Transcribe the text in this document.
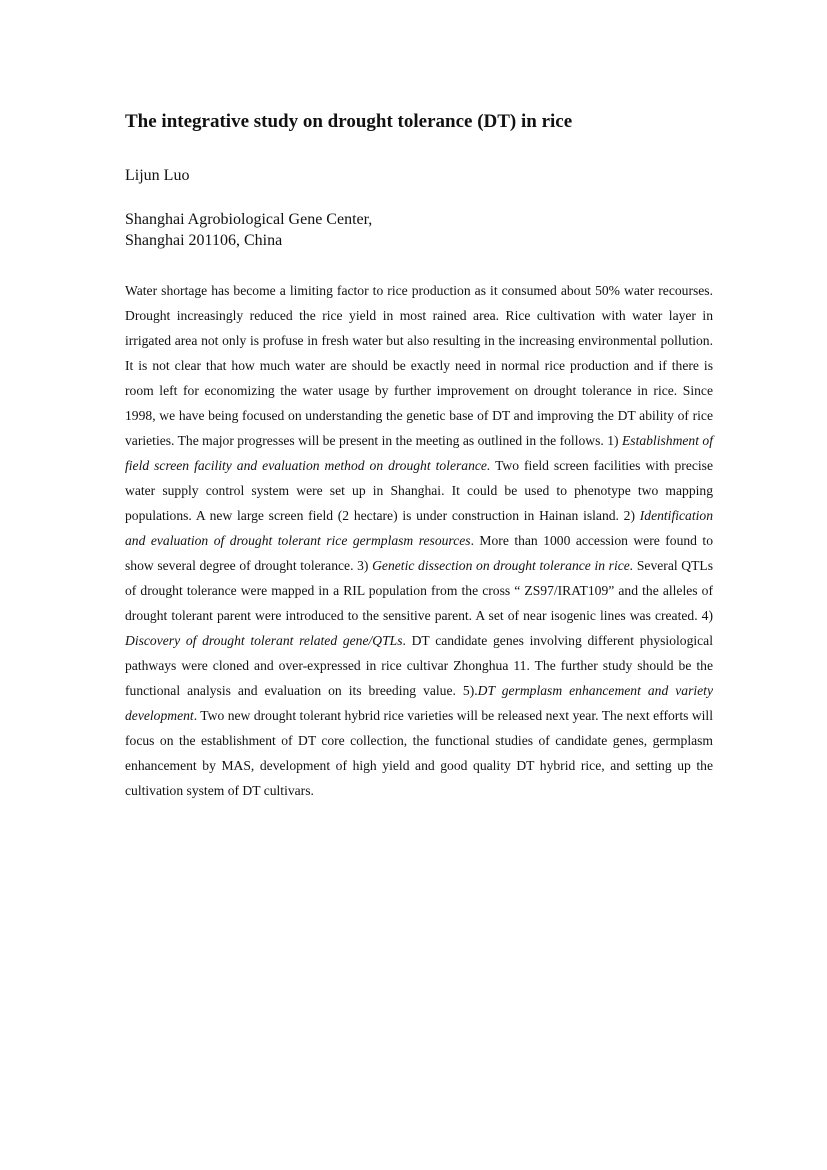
The integrative study on drought tolerance (DT) in rice
Lijun Luo
Shanghai Agrobiological Gene Center,
Shanghai 201106, China

Water shortage has become a limiting factor to rice production as it consumed about 50% water recourses. Drought increasingly reduced the rice yield in most rained area. Rice cultivation with water layer in irrigated area not only is profuse in fresh water but also resulting in the increasing environmental pollution. It is not clear that how much water are should be exactly need in normal rice production and if there is room left for economizing the water usage by further improvement on drought tolerance in rice. Since 1998, we have being focused on understanding the genetic base of DT and improving the DT ability of rice varieties. The major progresses will be present in the meeting as outlined in the follows. 1) Establishment of field screen facility and evaluation method on drought tolerance. Two field screen facilities with precise water supply control system were set up in Shanghai. It could be used to phenotype two mapping populations. A new large screen field (2 hectare) is under construction in Hainan island. 2) Identification and evaluation of drought tolerant rice germplasm resources. More than 1000 accession were found to show several degree of drought tolerance. 3) Genetic dissection on drought tolerance in rice. Several QTLs of drought tolerance were mapped in a RIL population from the cross “ ZS97/IRAT109” and the alleles of drought tolerant parent were introduced to the sensitive parent. A set of near isogenic lines was created. 4) Discovery of drought tolerant related gene/QTLs. DT candidate genes involving different physiological pathways were cloned and over-expressed in rice cultivar Zhonghua 11. The further study should be the functional analysis and evaluation on its breeding value. 5).DT germplasm enhancement and variety development. Two new drought tolerant hybrid rice varieties will be released next year. The next efforts will focus on the establishment of DT core collection, the functional studies of candidate genes, germplasm enhancement by MAS, development of high yield and good quality DT hybrid rice, and setting up the cultivation system of DT cultivars.
